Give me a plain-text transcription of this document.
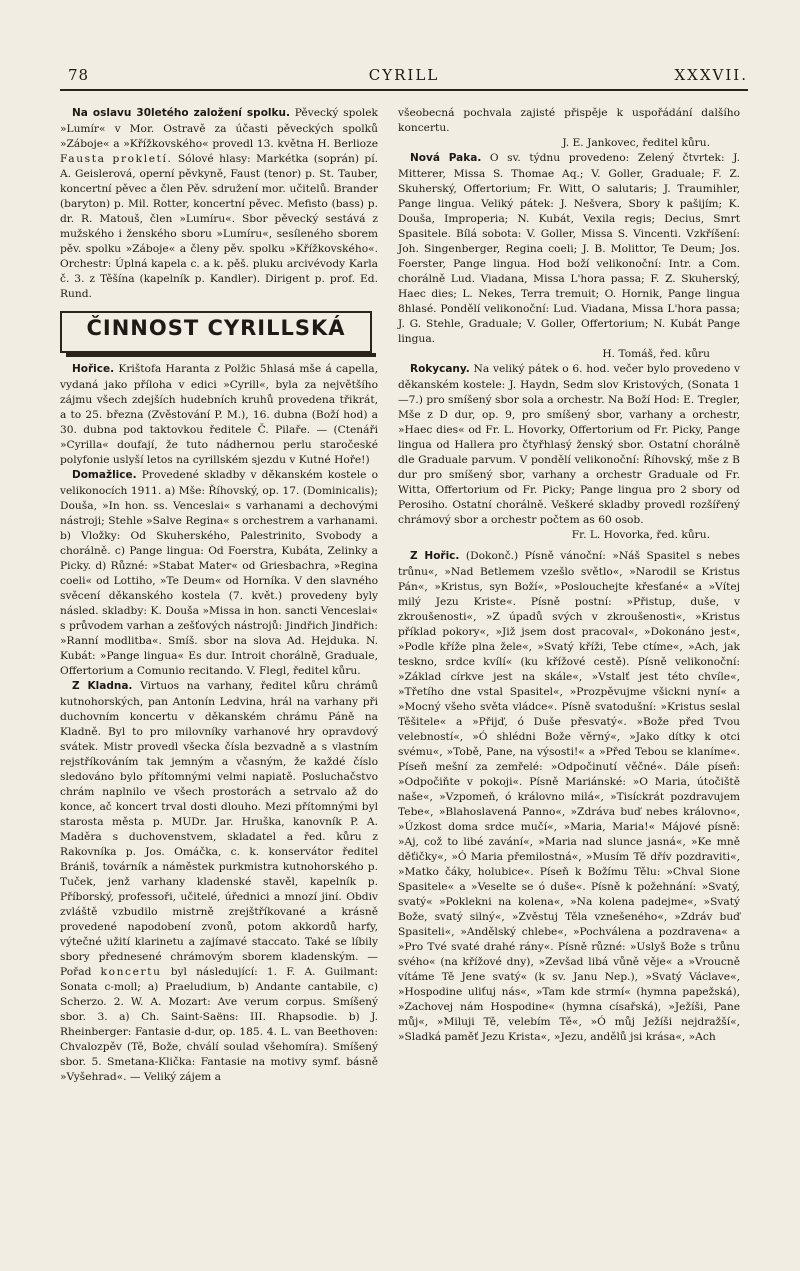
78	CYRILL	XXXVII.

Na oslavu 30letého založení spolku. Pěvecký spolek »Lumír« v Mor. Ostravě za účasti pěveckých spolků »Záboje« a »Křížkovského« provedl 13. května H. Berlioze Fausta prokletí. Sólové hlasy: Markétka (soprán) pí. A. Geislerová, operní pěvkyně, Faust (tenor) p. St. Tauber, koncertní pěvec a člen Pěv. sdružení mor. učitelů. Brander (baryton) p. Mil. Rotter, koncertní pěvec. Mefisto (bass) p. dr. R. Matouš, člen »Lumíru«. Sbor pěvecký sestává z mužského i ženského sboru »Lumíru«, sesíleného sborem pěv. spolku »Záboje« a členy pěv. spolku »Křížkovského«. Orchestr: Úplná kapela c. a k. pěš. pluku arcivévody Karla č. 3. z Těšína (kapelník p. Kandler). Dirigent p. prof. Ed. Rund.

ČINNOST CYRILLSKÁ

Hořice. Krištofa Haranta z Polžic 5hlasá mše á capella, vydaná jako příloha v edici »Cyrill«, byla za největšího zájmu všech zdejších hudebních kruhů provedena třikrát, a to 25. března (Zvěstování P. M.), 16. dubna (Boží hod) a 30. dubna pod taktovkou ředitele Č. Pilaře. — (Ctenáři »Cyrilla« doufají, že tuto nádhernou perlu staročeské polyfonie uslyší letos na cyrillském sjezdu v Kutné Hoře!)

Domažlice. Provedené skladby v děkanském kostele o velikonocích 1911. a) Mše: Říhovský, op. 17. (Dominicalis); Douša, »In hon. ss. Venceslai« s varhanami a dechovými nástroji; Stehle »Salve Regina« s orchestrem a varhanami. b) Vložky: Od Skuherského, Palestrinito, Svobody a chorálně. c) Pange lingua: Od Foerstra, Kubáta, Zelinky a Picky. d) Různé: »Stabat Mater« od Griesbachra, »Regina coeli« od Lottiho, »Te Deum« od Horníka. V den slavného svěcení děkanského kostela (7. květ.) provedeny byly násled. skladby: K. Douša »Missa in hon. sancti Venceslai« s průvodem varhan a zešťových nástrojů: Jindřich Jindřich: »Ranní modlitba«. Smíš. sbor na slova Ad. Hejduka. N. Kubát: »Pange lingua« Es dur. Introit chorálně, Graduale, Offertorium a Comunio recitando. V. Flegl, ředitel kůru.

Z Kladna. Virtuos na varhany, ředitel kůru chrámů kutnohorských, pan Antonín Ledvina, hrál na varhany při duchovním koncertu v děkanském chrámu Páně na Kladně. Byl to pro milovníky varhanové hry opravdový svátek. Mistr provedl všecka čísla bezvadně a s vlastním rejstříkováním tak jemným a včasným, že každé číslo sledováno bylo přítomnými velmi napiatě. Posluchačstvo chrám naplnilo ve všech prostorách a setrvalo až do konce, ač koncert trval dosti dlouho. Mezi přítomnými byl starosta města p. MUDr. Jar. Hruška, kanovník P. A. Maděra s duchovenstvem, skladatel a řed. kůru z Rakovníka p. Jos. Omáčka, c. k. konservátor ředitel Brániš, továrník a náměstek purkmistra kutnohorského p. Tuček, jenž varhany kladenské stavěl, kapelník p. Příborský, professoři, učitelé, úřednici a mnozí jiní. Obdiv zvláště vzbudilo mistrně zrejštříkované a krásně provedené napodobení zvonů, potom akkordů harfy, výtečné užití klarinetu a zajímavé staccato. Také se líbily sbory přednesené chrámovým sborem kladenským. — Pořad koncertu byl následující: 1. F. A. Guilmant: Sonata c-moll; a) Praeludium, b) Andante cantabile, c) Scherzo. 2. W. A. Mozart: Ave verum corpus. Smíšený sbor. 3. a) Ch. Saint-Saëns: III. Rhapsodie. b) J. Rheinberger: Fantasie d-dur, op. 185. 4. L. van Beethoven: Chvalozpěv (Tě, Bože, chválí soulad všehomíra). Smíšený sbor. 5. Smetana-Klička: Fantasie na motivy symf. básně »Vyšehrad«. — Veliký zájem a

všeobecná pochvala zajisté přispěje k uspořádání dalšího koncertu.

J. E. Jankovec, ředitel kůru.

Nová Paka. O sv. týdnu provedeno: Zelený čtvrtek: J. Mitterer, Missa S. Thomae Aq.; V. Goller, Graduale; F. Z. Skuherský, Offertorium; Fr. Witt, O salutaris; J. Traumihler, Pange lingua. Veliký pátek: J. Nešvera, Sbory k pašijím; K. Douša, Improperia; N. Kubát, Vexila regis; Decius, Smrt Spasitele. Bílá sobota: V. Goller, Missa S. Vincenti. Vzkříšení: Joh. Singenberger, Regina coeli; J. B. Molittor, Te Deum; Jos. Foerster, Pange lingua. Hod boží velikonoční: Intr. a Com. chorálně Lud. Viadana, Missa L'hora passa; F. Z. Skuherský, Haec dies; L. Nekes, Terra tremuit; O. Hornik, Pange lingua 8hlasé. Pondělí velikonoční: Lud. Viadana, Missa L'hora passa; J. G. Stehle, Graduale; V. Goller, Offertorium; N. Kubát Pange lingua.

H. Tomáš, řed. kůru

Rokycany. Na veliký pátek o 6. hod. večer bylo provedeno v děkanském kostele: J. Haydn, Sedm slov Kristových, (Sonata 1—7.) pro smíšený sbor sola a orchestr. Na Boží Hod: E. Tregler, Mše z D dur, op. 9, pro smíšený sbor, varhany a orchestr, »Haec dies« od Fr. L. Hovorky, Offertorium od Fr. Picky, Pange lingua od Hallera pro čtyřhlasý ženský sbor. Ostatní chorálně dle Graduale parvum. V pondělí velikonoční: Říhovský, mše z B dur pro smíšený sbor, varhany a orchestr Graduale od Fr. Witta, Offertorium od Fr. Picky; Pange lingua pro 2 sbory od Perosiho. Ostatní chorálně. Veškeré skladby provedl rozšířený chrámový sbor a orchestr počtem as 60 osob.

Fr. L. Hovorka, řed. kůru.

Z Hořic. (Dokonč.) Písně vánoční: »Náš Spasitel s nebes trůnu«, »Nad Betlemem vzešlo světlo«, »Narodil se Kristus Pán«, »Kristus, syn Boží«, »Poslouchejte křesťané« a »Vítej milý Jezu Kriste«. Písně postní: »Přistup, duše, v zkroušenosti«, »Z úpadů svých v zkroušenosti«, »Kristus příklad pokory«, »Již jsem dost pracoval«, »Dokonáno jest«, »Podle kříže plna žele«, »Svatý kříži, Tebe ctíme«, »Ach, jak teskno, srdce kvílí« (ku křížové cestě). Písně velikonoční: »Základ církve jest na skále«, »Vstalť jest této chvíle«, »Třetího dne vstal Spasitel«, »Prozpěvujme všickni nyní« a »Mocný všeho světa vládce«. Písně svatodušní: »Kristus seslal Těšitele« a »Přijď, ó Duše přesvatý«. »Bože před Tvou velebností«, »Ó shlédni Bože věrný«, »Jako dítky k otci svému«, »Tobě, Pane, na výsosti!« a »Před Tebou se klaníme«. Píseň mešní za zemřelé: »Odpočinutí věčné«. Dále píseň: »Odpočiňte v pokoji«. Písně Mariánské: »O Maria, útočiště naše«, »Vzpomeň, ó královno milá«, »Tisíckrát pozdravujem Tebe«, »Blahoslavená Panno«, »Zdráva buď nebes královno«, »Úzkost doma srdce mučí«, »Maria, Maria!« Májové písně: »Aj, což to libé zavání«, »Maria nad slunce jasná«, »Ke mně děťičky«, »Ó Maria přemilostná«, »Musím Tě dřív pozdraviti«, »Matko čáky, holubice«. Píseň k Božímu Tělu: »Chval Sione Spasitele« a »Veselte se ó duše«. Písně k požehnání: »Svatý, svatý« »Poklekni na kolena«, »Na kolena padejme«, »Svatý Bože, svatý silný«, »Zvěstuj Těla vznešeného«, »Zdráv buď Spasiteli«, »Andělský chlebe«, »Pochválena a pozdravena« a »Pro Tvé svaté drahé rány«. Písně různé: »Uslyš Bože s trůnu svého« (na křížové dny), »Zevšad libá vůně věje« a »Vroucně vítáme Tě Jene svatý« (k sv. Janu Nep.), »Svatý Václave«, »Hospodine uliťuj nás«, »Tam kde strmí« (hymna papežská), »Zachovej nám Hospodine« (hymna císařská), »Ježíši, Pane můj«, »Miluji Tě, velebím Tě«, »Ó můj Ježíši nejdražší«, »Sladká paměť Jezu Krista«, »Jezu, andělů jsi krása«, »Ach
